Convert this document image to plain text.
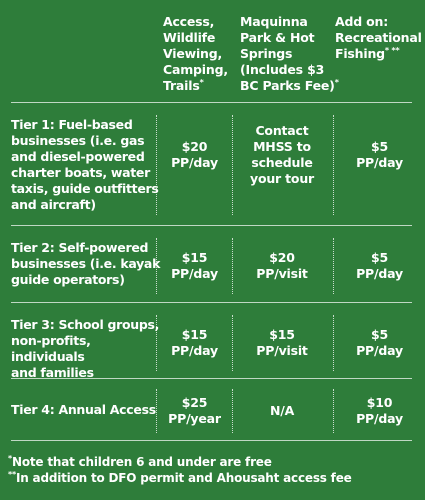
Access,
Wildlife
Viewing,
Camping,
Trails*
Maquinna
Park & Hot
Springs
(Includes $3
BC Parks Fee)*
Add on:
Recreational
Fishing* **
Tier 1: Fuel-based
businesses (i.e. gas
and diesel-powered
charter boats, water
taxis, guide outfitters
and aircraft)
$20
PP/day
Contact
MHSS to
schedule
your tour
$5
PP/day
Tier 2: Self-powered
businesses (i.e. kayak
guide operators)
$15
PP/day
$20
PP/visit
$5
PP/day
Tier 3: School groups,
non-profits, individuals
and families
$15
PP/day
$15
PP/visit
$5
PP/day
Tier 4: Annual Access	$25
PP/year
N/A
$10
PP/day
*Note that children 6 and under are free
**In addition to DFO permit and Ahousaht access fee
